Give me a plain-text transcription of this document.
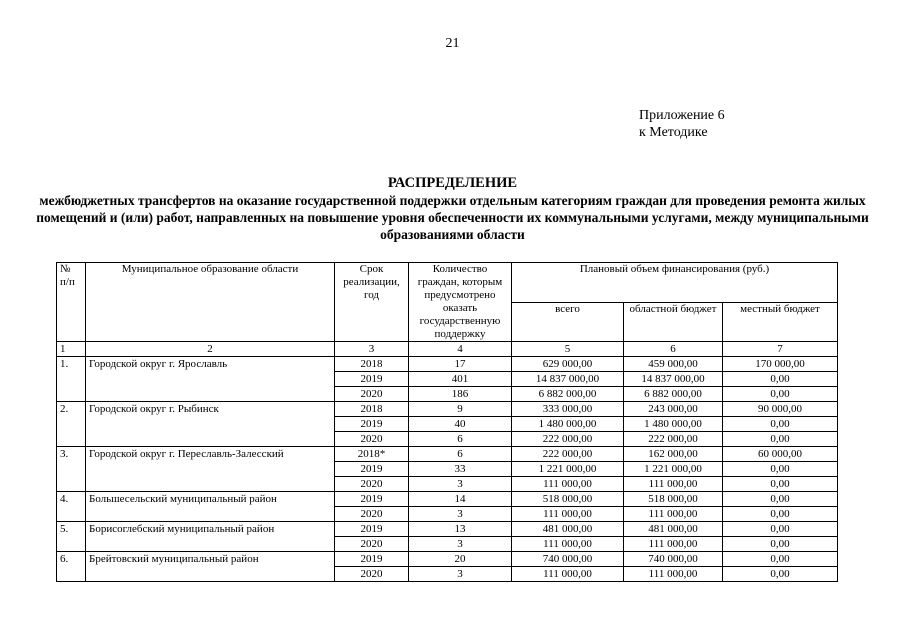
21
Приложение 6
к Методике
РАСПРЕДЕЛЕНИЕ
межбюджетных трансфертов на оказание государственной поддержки отдельным категориям граждан для проведения ремонта жилых помещений и (или) работ, направленных на повышение уровня обеспеченности их коммунальными услугами, между муниципальными образованиями области
№ п/п	Муниципальное образование области	Срок реализации, год	Количество граждан, которым предусмотрено оказать государственную поддержку	Плановый объем финансирования (руб.)		
				всего	областной бюджет	местный бюджет
1	2	3	4	5	6	7
1.	Городской округ г. Ярославль	2018	17	629 000,00	459 000,00	170 000,00
		2019	401	14 837 000,00	14 837 000,00	0,00
		2020	186	6 882 000,00	6 882 000,00	0,00
2.	Городской округ г. Рыбинск	2018	9	333 000,00	243 000,00	90 000,00
		2019	40	1 480 000,00	1 480 000,00	0,00
		2020	6	222 000,00	222 000,00	0,00
3.	Городской округ г. Переславль-Залесский	2018*	6	222 000,00	162 000,00	60 000,00
		2019	33	1 221 000,00	1 221 000,00	0,00
		2020	3	111 000,00	111 000,00	0,00
4.	Большесельский муниципальный район	2019	14	518 000,00	518 000,00	0,00
		2020	3	111 000,00	111 000,00	0,00
5.	Борисоглебский муниципальный район	2019	13	481 000,00	481 000,00	0,00
		2020	3	111 000,00	111 000,00	0,00
6.	Брейтовский муниципальный район	2019	20	740 000,00	740 000,00	0,00
		2020	3	111 000,00	111 000,00	0,00
